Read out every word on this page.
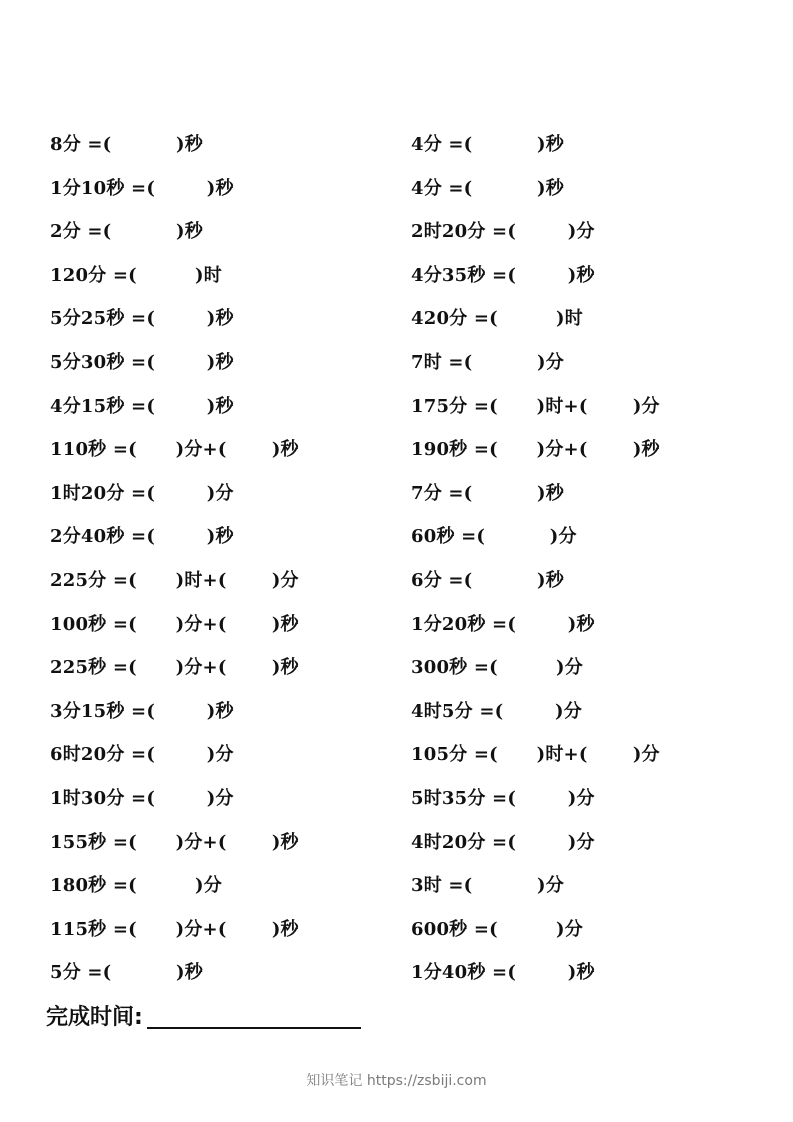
8分 =(          )秒
1分10秒 =(        )秒
2分 =(          )秒
120分 =(         )时
5分25秒 =(        )秒
5分30秒 =(        )秒
4分15秒 =(        )秒
110秒 =(      )分+(       )秒
1时20分 =(        )分
2分40秒 =(        )秒
225分 =(      )时+(       )分
100秒 =(      )分+(       )秒
225秒 =(      )分+(       )秒
3分15秒 =(        )秒
6时20分 =(        )分
1时30分 =(        )分
155秒 =(      )分+(       )秒
180秒 =(         )分
115秒 =(      )分+(       )秒
5分 =(          )秒
4分 =(          )秒
4分 =(          )秒
2时20分 =(        )分
4分35秒 =(        )秒
420分 =(         )时
7时 =(          )分
175分 =(      )时+(       )分
190秒 =(      )分+(       )秒
7分 =(          )秒
60秒 =(          )分
6分 =(          )秒
1分20秒 =(        )秒
300秒 =(         )分
4时5分 =(        )分
105分 =(      )时+(       )分
5时35分 =(        )分
4时20分 =(        )分
3时 =(          )分
600秒 =(         )分
1分40秒 =(        )秒
完成时间:
知识笔记 https://zsbiji.com
